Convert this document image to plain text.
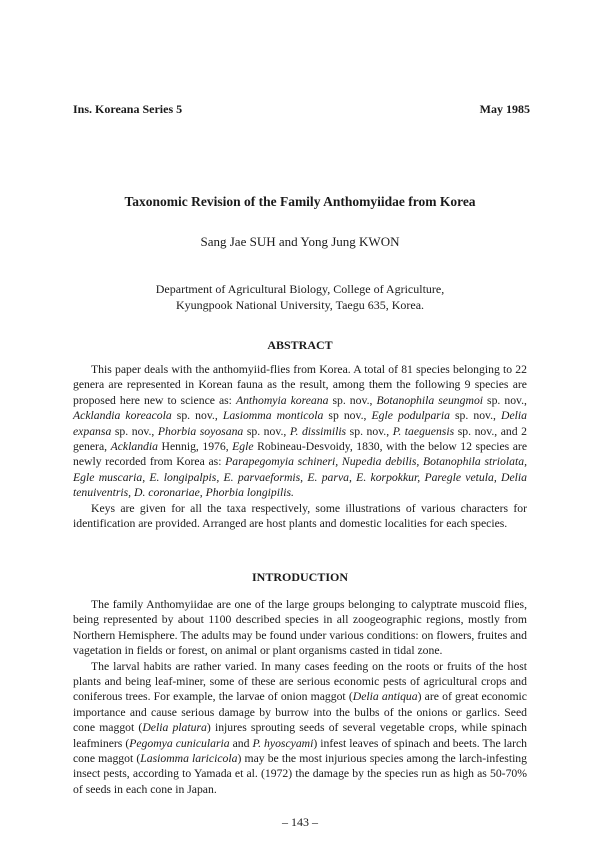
Ins. Koreana Series 5	May 1985
Taxonomic Revision of the Family Anthomyiidae from Korea
Sang Jae SUH and Yong Jung KWON
Department of Agricultural Biology, College of Agriculture,
Kyungpook National University, Taegu 635, Korea.
ABSTRACT

This paper deals with the anthomyiid-flies from Korea. A total of 81 species belonging to 22 genera are represented in Korean fauna as the result, among them the following 9 species are proposed here new to science as: Anthomyia koreana sp. nov., Botanophila seungmoi sp. nov., Acklandia koreacola sp. nov., Lasiomma monticola sp nov., Egle podulparia sp. nov., Delia expansa sp. nov., Phorbia soyosana sp. nov., P. dissimilis sp. nov., P. taeguensis sp. nov., and 2 genera, Acklandia Hennig, 1976, Egle Robineau-Desvoidy, 1830, with the below 12 species are newly recorded from Korea as: Parapegomyia schineri, Nupedia debilis, Botanophila striolata, Egle muscaria, E. longipalpis, E. parvaeformis, E. parva, E. korpokkur, Paregle vetula, Delia tenuiventris, D. coronariae, Phorbia longipilis.

Keys are given for all the taxa respectively, some illustrations of various characters for identification are provided. Arranged are host plants and domestic localities for each species.

INTRODUCTION

The family Anthomyiidae are one of the large groups belonging to calyptrate muscoid flies, being represented by about 1100 described species in all zoogeographic regions, mostly from Northern Hemisphere. The adults may be found under various conditions: on flowers, fruites and vagetation in fields or forest, on animal or plant organisms casted in tidal zone.

The larval habits are rather varied. In many cases feeding on the roots or fruits of the host plants and being leaf-miner, some of these are serious economic pests of agricultural crops and coniferous trees. For example, the larvae of onion maggot (Delia antiqua) are of great economic importance and cause serious damage by burrow into the bulbs of the onions or garlics. Seed cone maggot (Delia platura) injures sprouting seeds of several vegetable crops, while spinach leafminers (Pegomya cunicularia and P. hyoscyami) infest leaves of spinach and beets. The larch cone maggot (Lasiomma laricicola) may be the most injurious species among the larch-infesting insect pests, according to Yamada et al. (1972) the damage by the species run as high as 50-70% of seeds in each cone in Japan.

– 143 –
